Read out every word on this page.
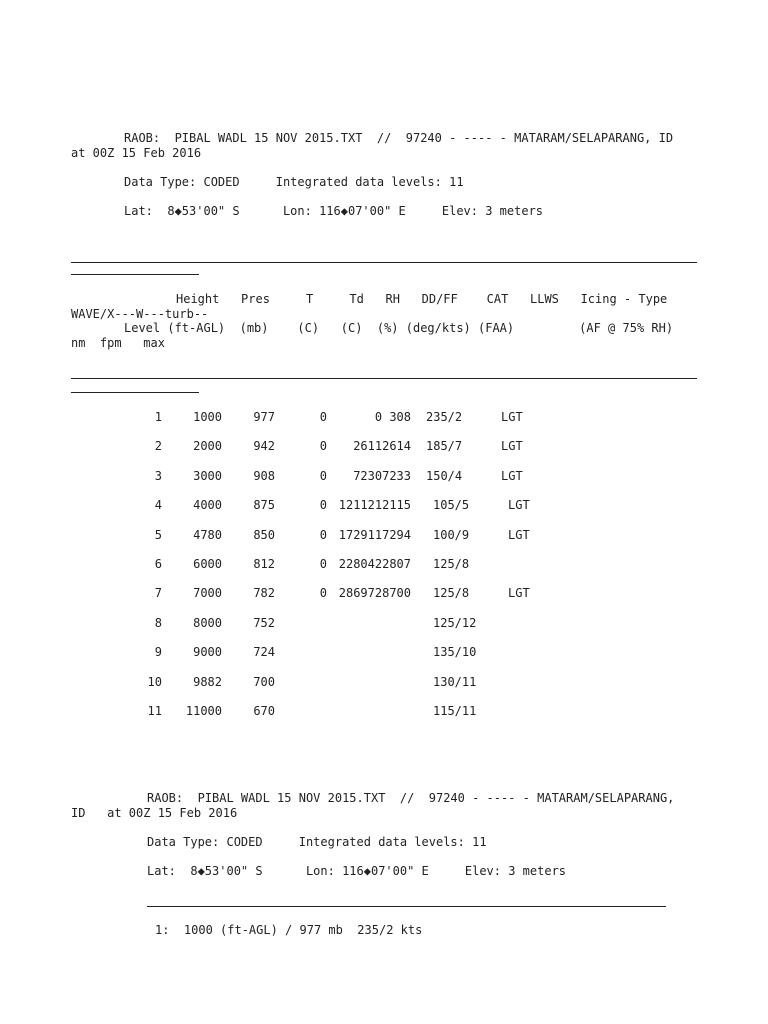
RAOB:  PIBAL WADL 15 NOV 2015.TXT  //  97240 - ---- - MATARAM/SELAPARANG, ID
at 00Z 15 Feb 2016
Data Type: CODED     Integrated data levels: 11
Lat:  8◆53'00" S      Lon: 116◆07'00" E     Elev: 3 meters
Height   Pres     T     Td   RH   DD/FF    CAT   LLWS   Icing - Type
WAVE/X---W---turb--
Level (ft-AGL)  (mb)    (C)   (C)  (%) (deg/kts) (FAA)         (AF @ 75% RH)
nm  fpm   max
1	1000	977	0	0 308 235/2	LGT
2	2000	942	0 26112614 185/7	LGT
3	3000	908	0 72307233 150/4	LGT
4	4000	875	0 1211212115 105/5	LGT
5	4780	850	0 1729117294 100/9	LGT
6	6000	812	0 2280422807 125/8
7	7000	782	0 2869728700 125/8	LGT
8	8000	752	125/12
9	9000	724	135/10
10	9882	700	130/11
11 11000	670	115/11
RAOB:  PIBAL WADL 15 NOV 2015.TXT  //  97240 - ---- - MATARAM/SELAPARANG,
ID   at 00Z 15 Feb 2016
Data Type: CODED     Integrated data levels: 11
Lat:  8◆53'00" S      Lon: 116◆07'00" E     Elev: 3 meters
1:  1000 (ft-AGL) / 977 mb  235/2 kts
